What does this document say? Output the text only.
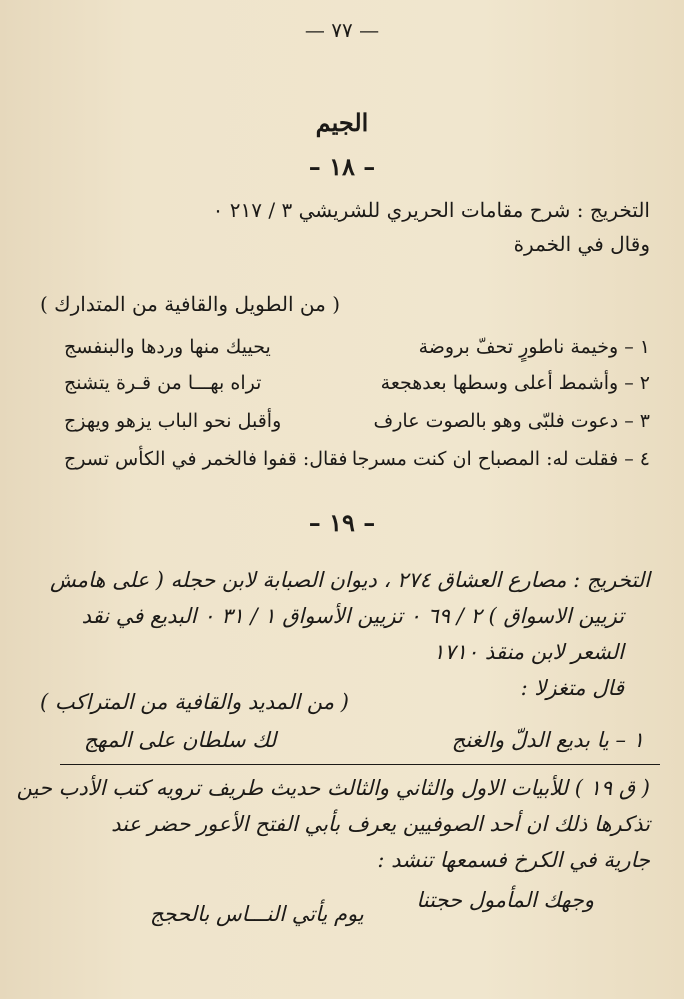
— ٧٧ —
الجيم
– ١٨ –
التخريج : شرح مقامات الحريري للشريشي ٣ / ٢١٧ ٠
وقال في الخمرة
( من الطويل والقافية من المتدارك )
١ – وخيمة ناطورٍ تحفّ بروضة
يحييك منها وردها والبنفسج
٢ – وأشمط أعلى وسطها بعدهجعة
تراه بهـــا من قـرة يتشنج
٣ – دعوت فلبّى وهو بالصوت عارف
وأقبل نحو الباب يزهو ويهزج
٤ – فقلت له: المصباح ان كنت مسرجا
فقال: قفوا فالخمر في الكأس تسرج
– ١٩ –
التخريج : مصارع العشاق ٢٧٤ ، ديوان الصبابة لابن حجله ( على هامش
تزيين الاسواق ) ٢ / ٦٩ ٠ تزيين الأسواق ١ / ٣١ ٠ البديع في نقد
الشعر لابن منقذ ١٧١٠
قال متغزلا :
( من المديد والقافية من المتراكب )
١ – يا بديع الدلّ والغنج
لك سلطان على المهج
( ق ١٩ ) للأبيات الاول والثاني والثالث حديث طريف ترويه كتب الأدب حين
تذكرها ذلك ان أحد الصوفيين يعرف بأبي الفتح الأعور حضر عند
جارية في الكرخ فسمعها تنشد :
وجهك المأمول حجتنا
يوم يأتي النـــاس بالحجج
